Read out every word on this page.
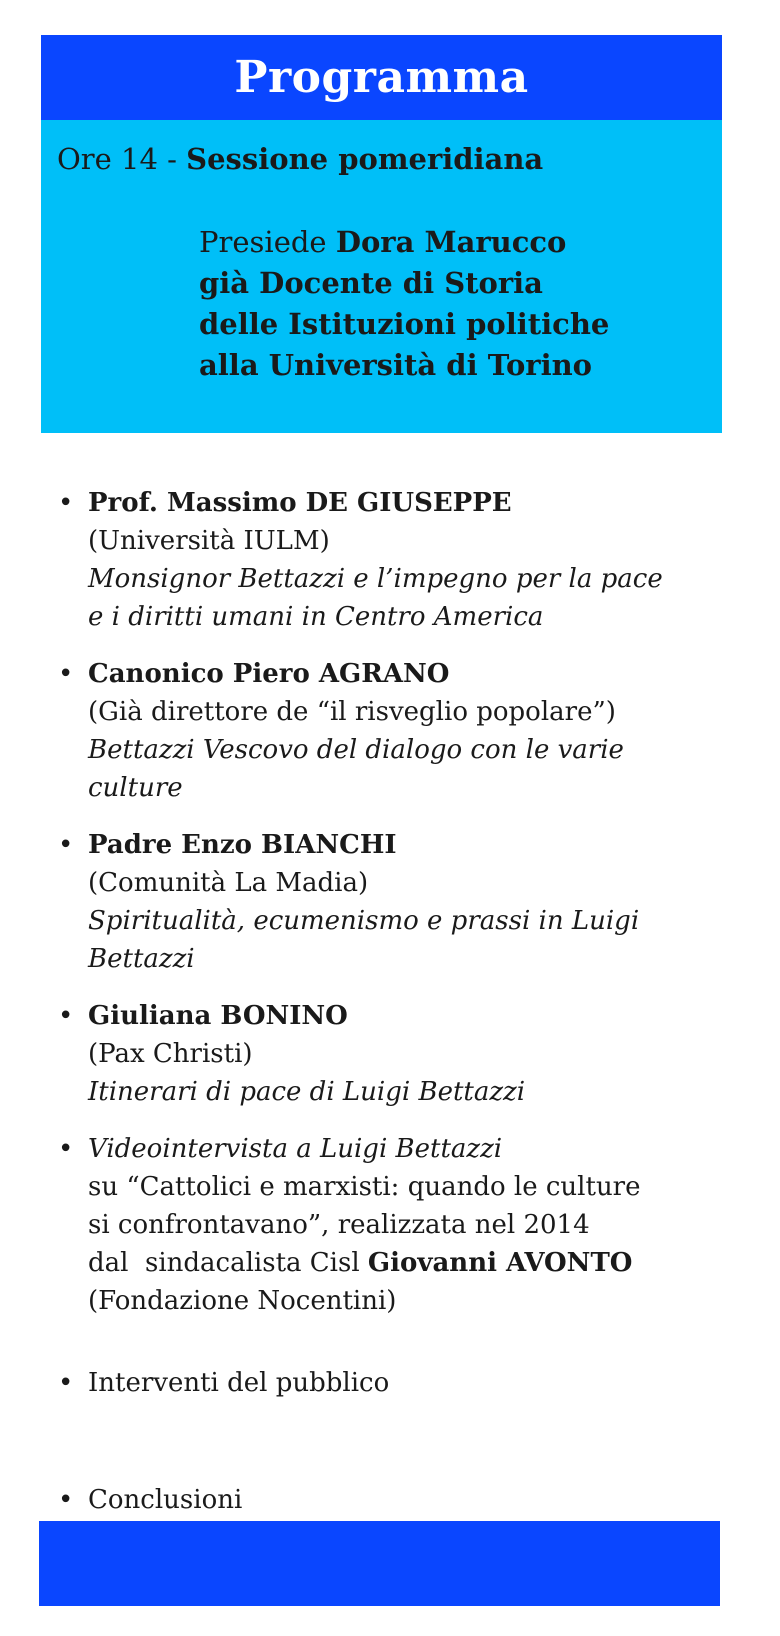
Programma
Ore 14 - Sessione pomeridiana
Presiede Dora Marucco
già Docente di Storia
delle Istituzioni politiche
alla Università di Torino
• Prof. Massimo DE GIUSEPPE
(Università IULM)
Monsignor Bettazzi e l’impegno per la pace
e i diritti umani in Centro America
• Canonico Piero AGRANO
(Già direttore de “il risveglio popolare”)
Bettazzi Vescovo del dialogo con le varie
culture
• Padre Enzo BIANCHI
(Comunità La Madia)
Spiritualità, ecumenismo e prassi in Luigi
Bettazzi
• Giuliana BONINO
(Pax Christi)
Itinerari di pace di Luigi Bettazzi
• Videointervista a Luigi Bettazzi
su “Cattolici e marxisti: quando le culture
si confrontavano”, realizzata nel 2014
dal  sindacalista Cisl Giovanni AVONTO
(Fondazione Nocentini)
• Interventi del pubblico
• Conclusioni
